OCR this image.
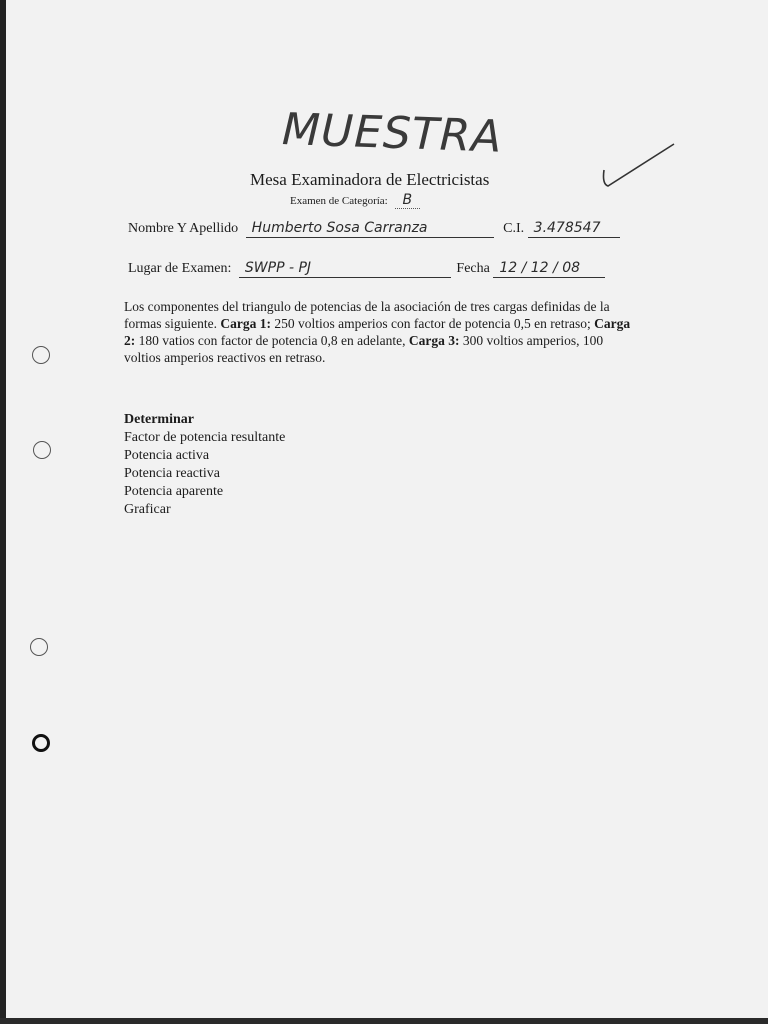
MUESTRA
Mesa Examinadora de Electricistas
Examen de Categoría: B
Nombre Y Apellido Humberto Sosa Carranza	C.I. 3.478547
Lugar de Examen: SWPP - PJ	Fecha 12 / 12 / 08
Los componentes del triangulo de potencias de la asociación de tres cargas definidas de la formas siguiente. Carga 1: 250 voltios amperios con factor de potencia 0,5 en retraso; Carga 2: 180 vatios con factor de potencia 0,8 en adelante, Carga 3: 300 voltios amperios, 100 voltios amperios reactivos en retraso.
Determinar
Factor de potencia resultante
Potencia activa
Potencia reactiva
Potencia aparente
Graficar
